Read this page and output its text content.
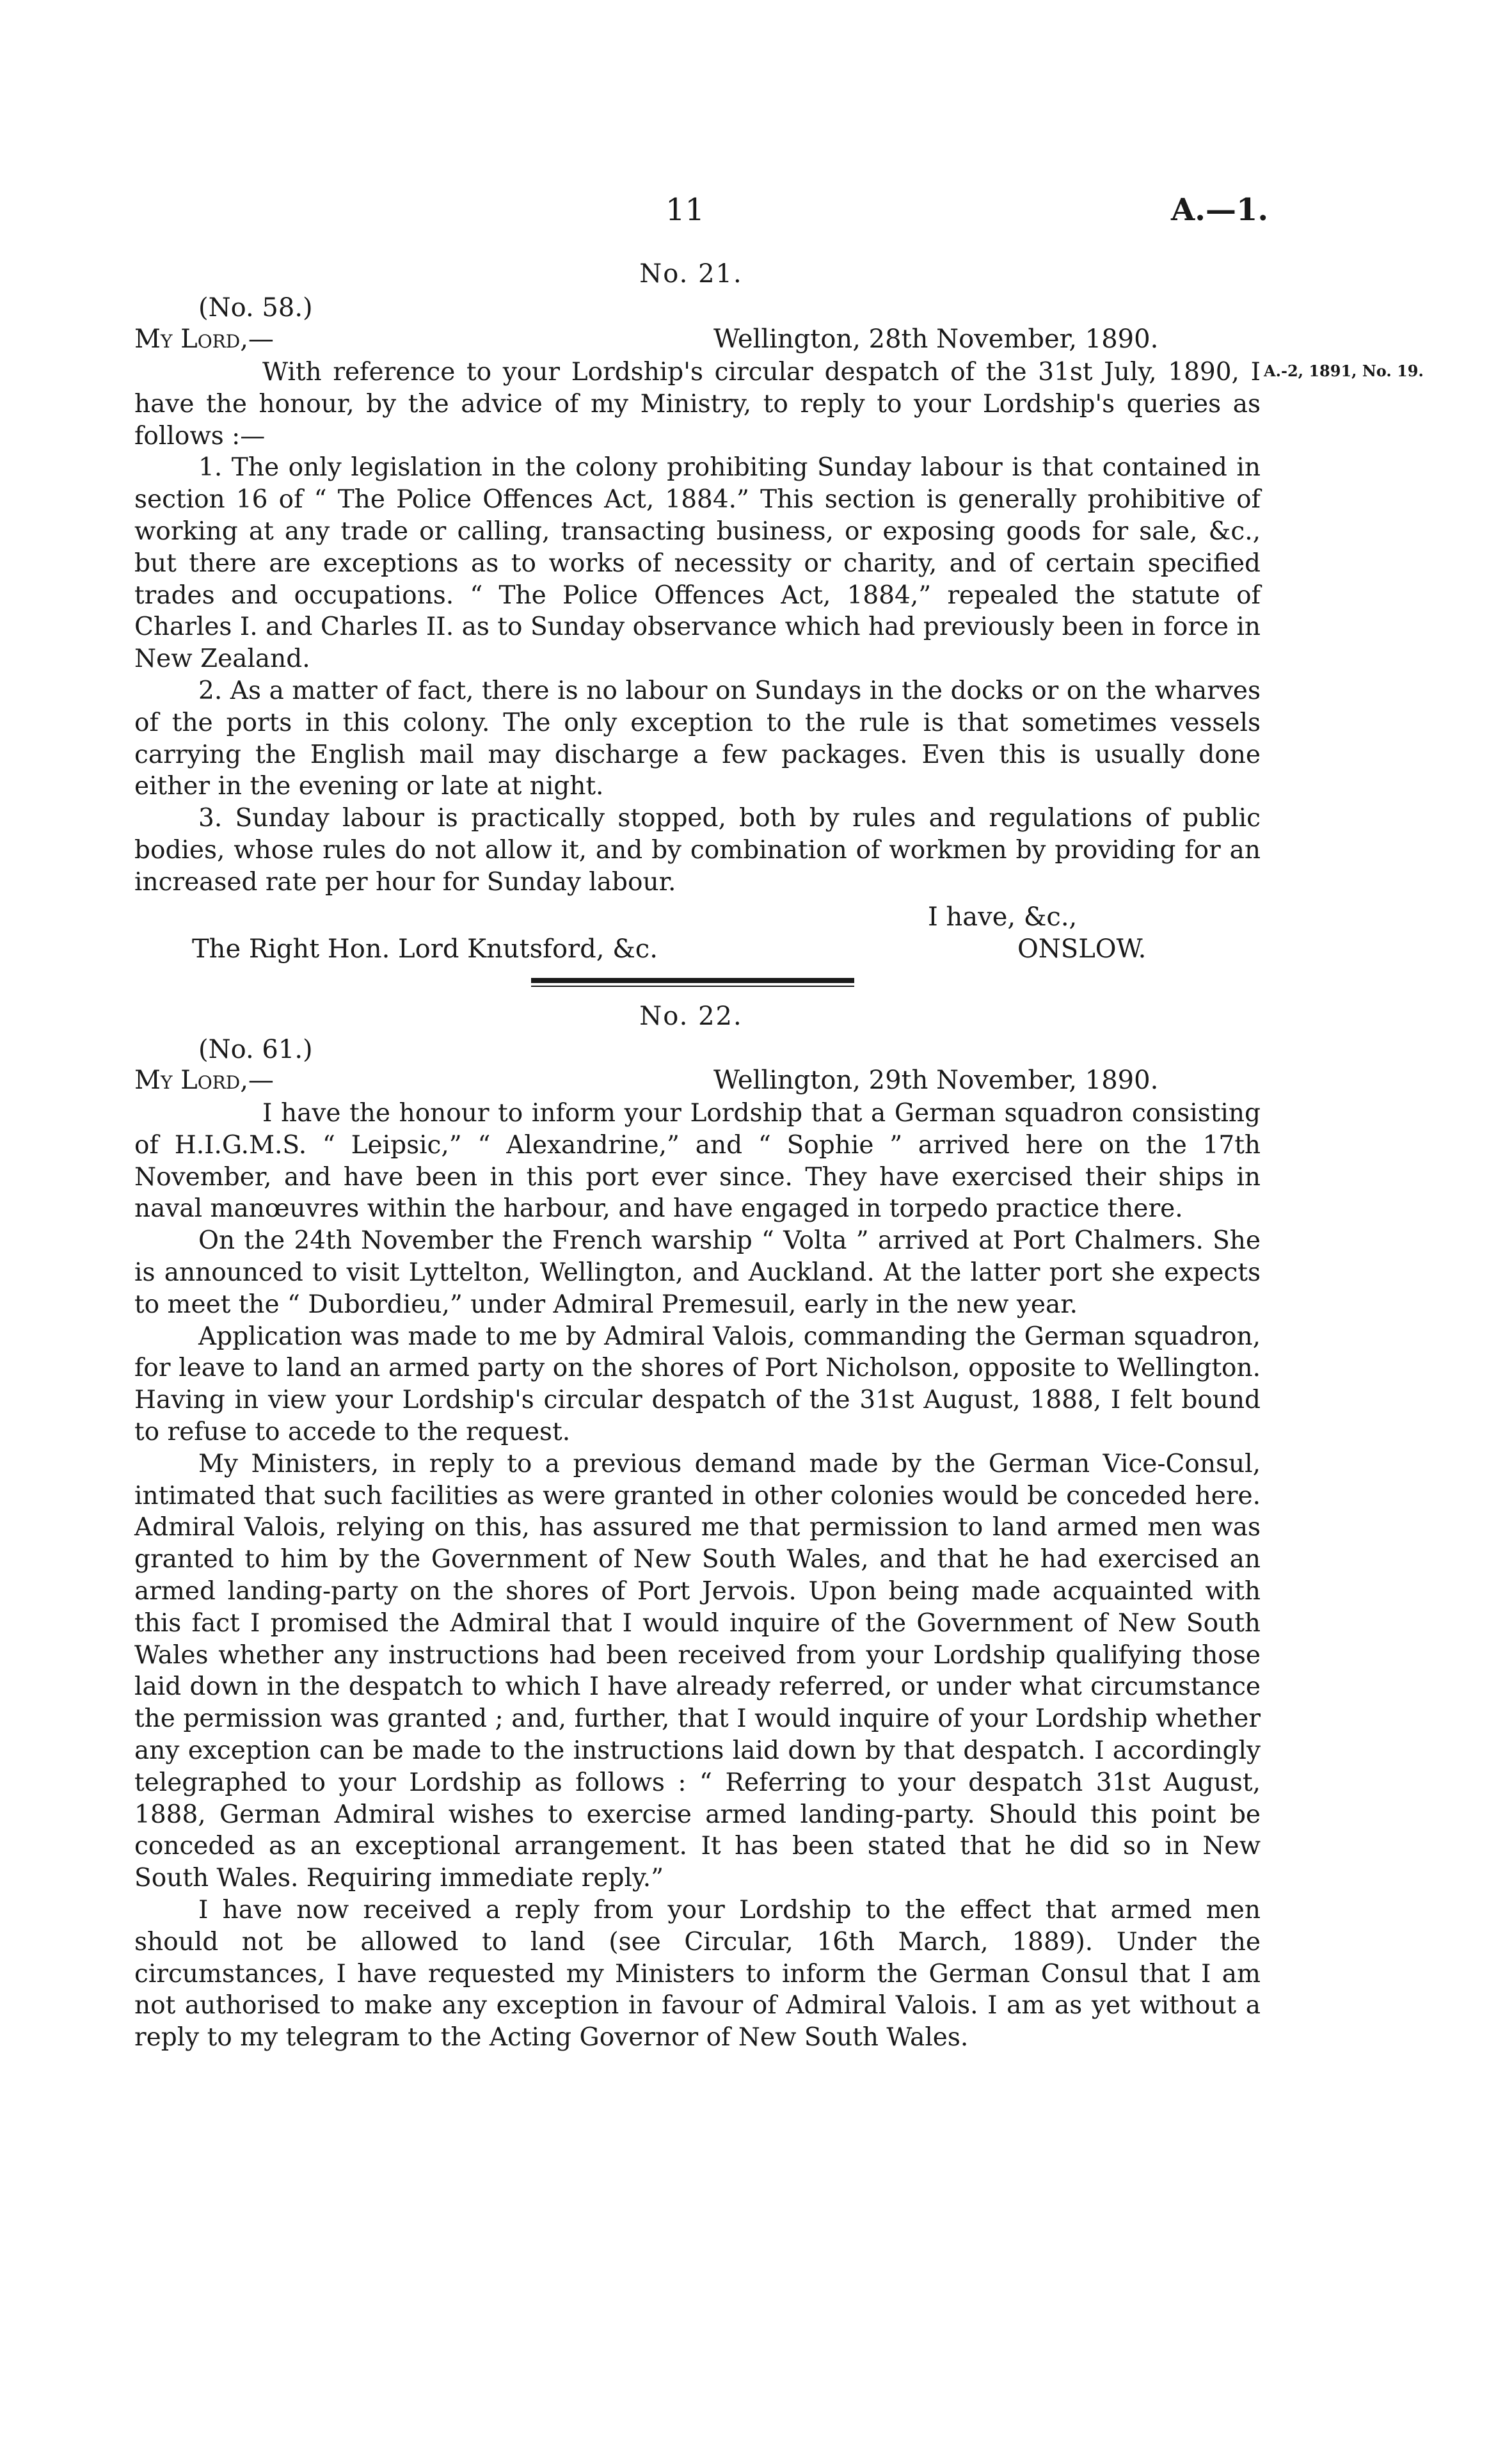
11	A.—1.
No. 21.
(No. 58.)
My Lord,—	Wellington, 28th November, 1890.
A.-2, 1891, No. 19.

With reference to your Lordship's circular despatch of the 31st July, 1890, I have the honour, by the advice of my Ministry, to reply to your Lordship's queries as follows :—

1. The only legislation in the colony prohibiting Sunday labour is that contained in section 16 of “ The Police Offences Act, 1884.” This section is generally prohibitive of working at any trade or calling, transacting business, or exposing goods for sale, &c., but there are exceptions as to works of necessity or charity, and of certain specified trades and occupations. “ The Police Offences Act, 1884,” repealed the statute of Charles I. and Charles II. as to Sunday observance which had previously been in force in New Zealand.

2. As a matter of fact, there is no labour on Sundays in the docks or on the wharves of the ports in this colony. The only exception to the rule is that sometimes vessels carrying the English mail may discharge a few packages. Even this is usually done either in the evening or late at night.

3. Sunday labour is practically stopped, both by rules and regulations of public bodies, whose rules do not allow it, and by combination of workmen by providing for an increased rate per hour for Sunday labour.

I have, &c.,
The Right Hon. Lord Knutsford, &c.	ONSLOW.
No. 22.
(No. 61.)
My Lord,—	Wellington, 29th November, 1890.

I have the honour to inform your Lordship that a German squadron consisting of H.I.G.M.S. “ Leipsic,” “ Alexandrine,” and “ Sophie ” arrived here on the 17th November, and have been in this port ever since. They have exercised their ships in naval manœuvres within the harbour, and have engaged in torpedo practice there.

On the 24th November the French warship “ Volta ” arrived at Port Chalmers. She is announced to visit Lyttelton, Wellington, and Auckland. At the latter port she expects to meet the “ Dubordieu,” under Admiral Premesuil, early in the new year.

Application was made to me by Admiral Valois, commanding the German squadron, for leave to land an armed party on the shores of Port Nicholson, opposite to Wellington. Having in view your Lordship's circular despatch of the 31st August, 1888, I felt bound to refuse to accede to the request.

My Ministers, in reply to a previous demand made by the German Vice-Consul, intimated that such facilities as were granted in other colonies would be conceded here. Admiral Valois, relying on this, has assured me that permission to land armed men was granted to him by the Government of New South Wales, and that he had exercised an armed landing-party on the shores of Port Jervois. Upon being made acquainted with this fact I promised the Admiral that I would inquire of the Government of New South Wales whether any instructions had been received from your Lordship qualifying those laid down in the despatch to which I have already referred, or under what circumstance the permission was granted ; and, further, that I would inquire of your Lordship whether any exception can be made to the instructions laid down by that despatch. I accordingly telegraphed to your Lordship as follows : “ Referring to your despatch 31st August, 1888, German Admiral wishes to exercise armed landing-party. Should this point be conceded as an exceptional arrangement. It has been stated that he did so in New South Wales. Requiring immediate reply.”

I have now received a reply from your Lordship to the effect that armed men should not be allowed to land (see Circular, 16th March, 1889). Under the circumstances, I have requested my Ministers to inform the German Consul that I am not authorised to make any exception in favour of Admiral Valois. I am as yet without a reply to my telegram to the Acting Governor of New South Wales.
